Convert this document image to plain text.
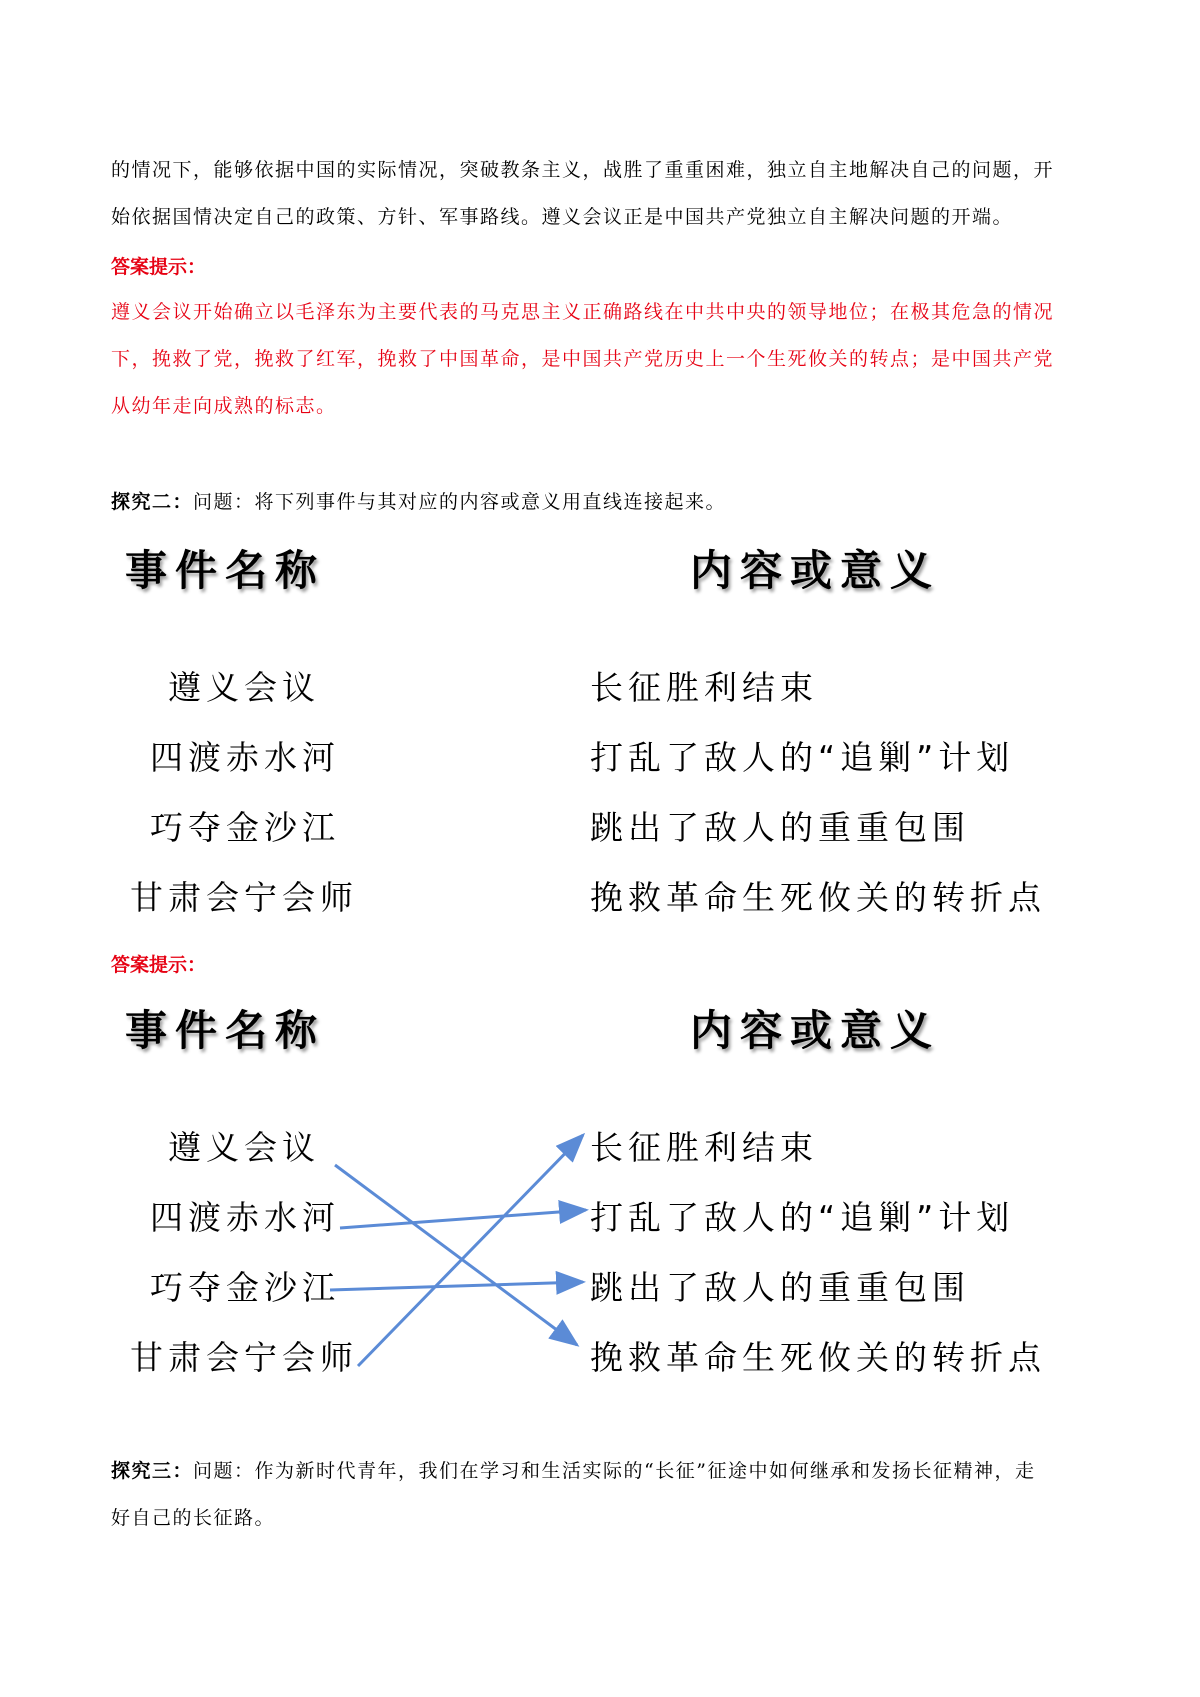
的情况下，能够依据中国的实际情况，突破教条主义，战胜了重重困难，独立自主地解决自己的问题，开

始依据国情决定自己的政策、方针、军事路线。遵义会议正是中国共产党独立自主解决问题的开端。

答案提示：

遵义会议开始确立以毛泽东为主要代表的马克思主义正确路线在中共中央的领导地位；在极其危急的情况

下，挽救了党，挽救了红军，挽救了中国革命，是中国共产党历史上一个生死攸关的转点；是中国共产党

从幼年走向成熟的标志。

探究二：问题：将下列事件与其对应的内容或意义用直线连接起来。

事件名称	内容或意义
遵义会议
四渡赤水河
巧夺金沙江
甘肃会宁会师
长征胜利结束
打乱了敌人的“追剿”计划
跳出了敌人的重重包围
挽救革命生死攸关的转折点
答案提示：
事件名称	内容或意义
遵义会议
四渡赤水河
巧夺金沙江
甘肃会宁会师
长征胜利结束
打乱了敌人的“追剿”计划
跳出了敌人的重重包围
挽救革命生死攸关的转折点

探究三：问题：作为新时代青年，我们在学习和生活实际的“长征”征途中如何继承和发扬长征精神，走

好自己的长征路。
